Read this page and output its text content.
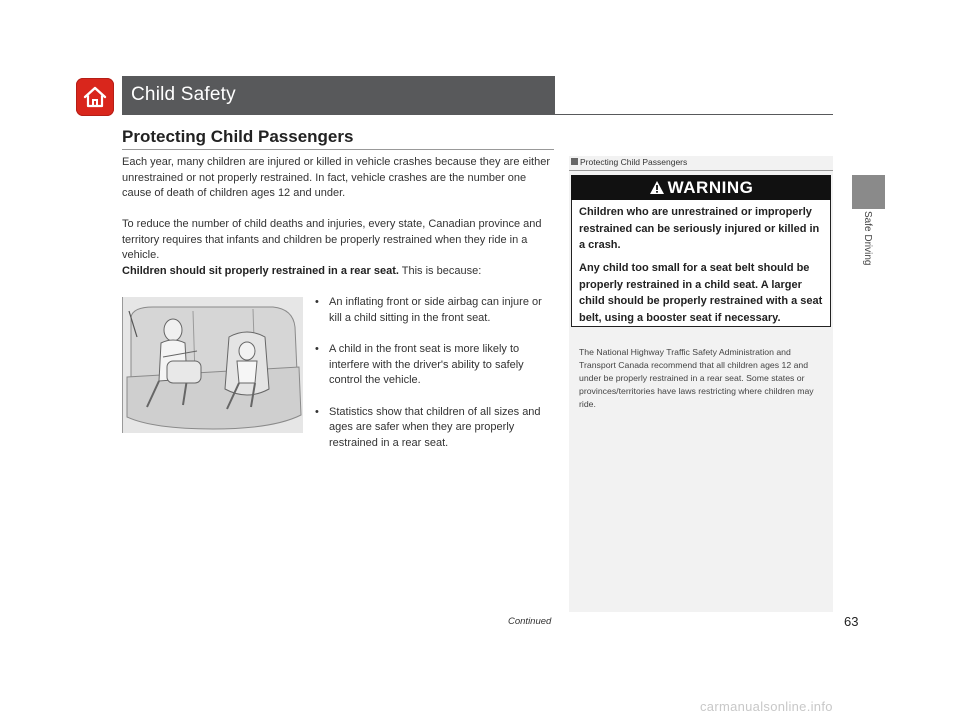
Child Safety
Safe Driving
Protecting Child Passengers

Each year, many children are injured or killed in vehicle crashes because they are either unrestrained or not properly restrained. In fact, vehicle crashes are the number one cause of death of children ages 12 and under.

To reduce the number of child deaths and injuries, every state, Canadian province and territory requires that infants and children be properly restrained when they ride in a vehicle.

Children should sit properly restrained in a rear seat. This is because:

• An inflating front or side airbag can injure or kill a child sitting in the front seat.
• A child in the front seat is more likely to interfere with the driver's ability to safely control the vehicle.
• Statistics show that children of all sizes and ages are safer when they are properly restrained in a rear seat.
Protecting Child Passengers
WARNING

Children who are unrestrained or improperly restrained can be seriously injured or killed in a crash.

Any child too small for a seat belt should be properly restrained in a child seat. A larger child should be properly restrained with a seat belt, using a booster seat if necessary.

The National Highway Traffic Safety Administration and Transport Canada recommend that all children ages 12 and under be properly restrained in a rear seat. Some states or provinces/territories have laws restricting where children may ride.

Continued	63
carmanualsonline.info
